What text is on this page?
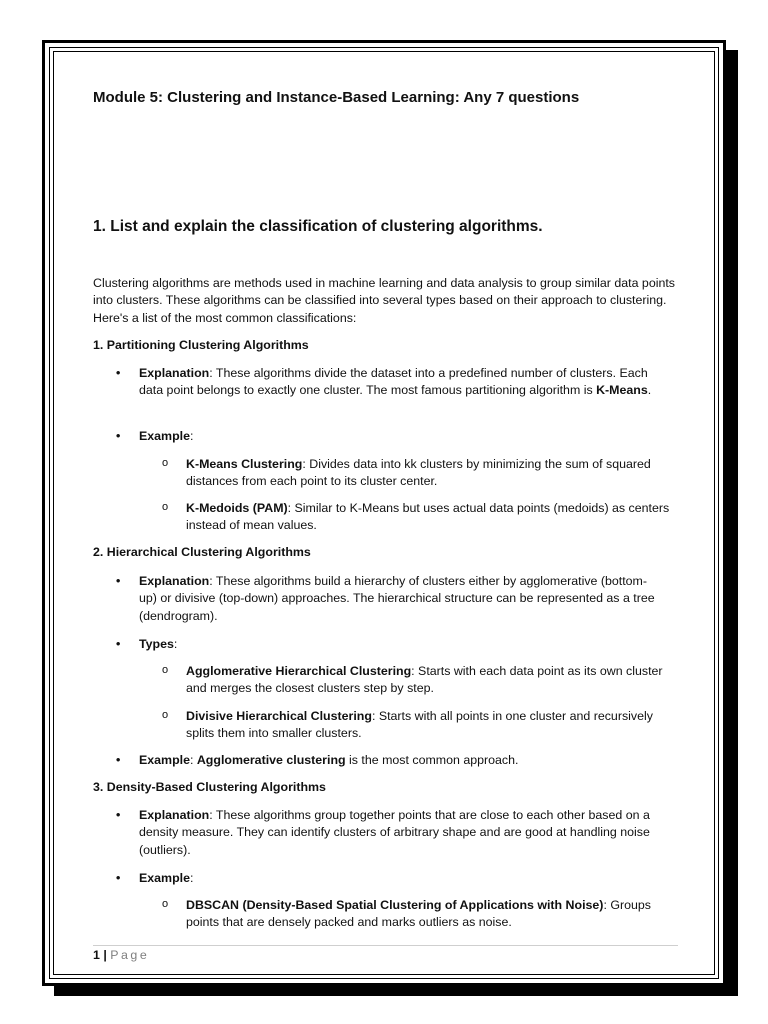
Module 5: Clustering and Instance-Based Learning: Any 7 questions
1. List and explain the classification of clustering algorithms.
Clustering algorithms are methods used in machine learning and data analysis to group similar data points into clusters. These algorithms can be classified into several types based on their approach to clustering. Here's a list of the most common classifications:
1. Partitioning Clustering Algorithms
• Explanation: These algorithms divide the dataset into a predefined number of clusters. Each data point belongs to exactly one cluster. The most famous partitioning algorithm is K-Means.
• Example:
o K-Means Clustering: Divides data into kk clusters by minimizing the sum of squared distances from each point to its cluster center.
o K-Medoids (PAM): Similar to K-Means but uses actual data points (medoids) as centers instead of mean values.
2. Hierarchical Clustering Algorithms
• Explanation: These algorithms build a hierarchy of clusters either by agglomerative (bottom-up) or divisive (top-down) approaches. The hierarchical structure can be represented as a tree (dendrogram).
• Types:
o Agglomerative Hierarchical Clustering: Starts with each data point as its own cluster and merges the closest clusters step by step.
o Divisive Hierarchical Clustering: Starts with all points in one cluster and recursively splits them into smaller clusters.
• Example: Agglomerative clustering is the most common approach.
3. Density-Based Clustering Algorithms
• Explanation: These algorithms group together points that are close to each other based on a density measure. They can identify clusters of arbitrary shape and are good at handling noise (outliers).
• Example:
o DBSCAN (Density-Based Spatial Clustering of Applications with Noise): Groups points that are densely packed and marks outliers as noise.
1 | Page
